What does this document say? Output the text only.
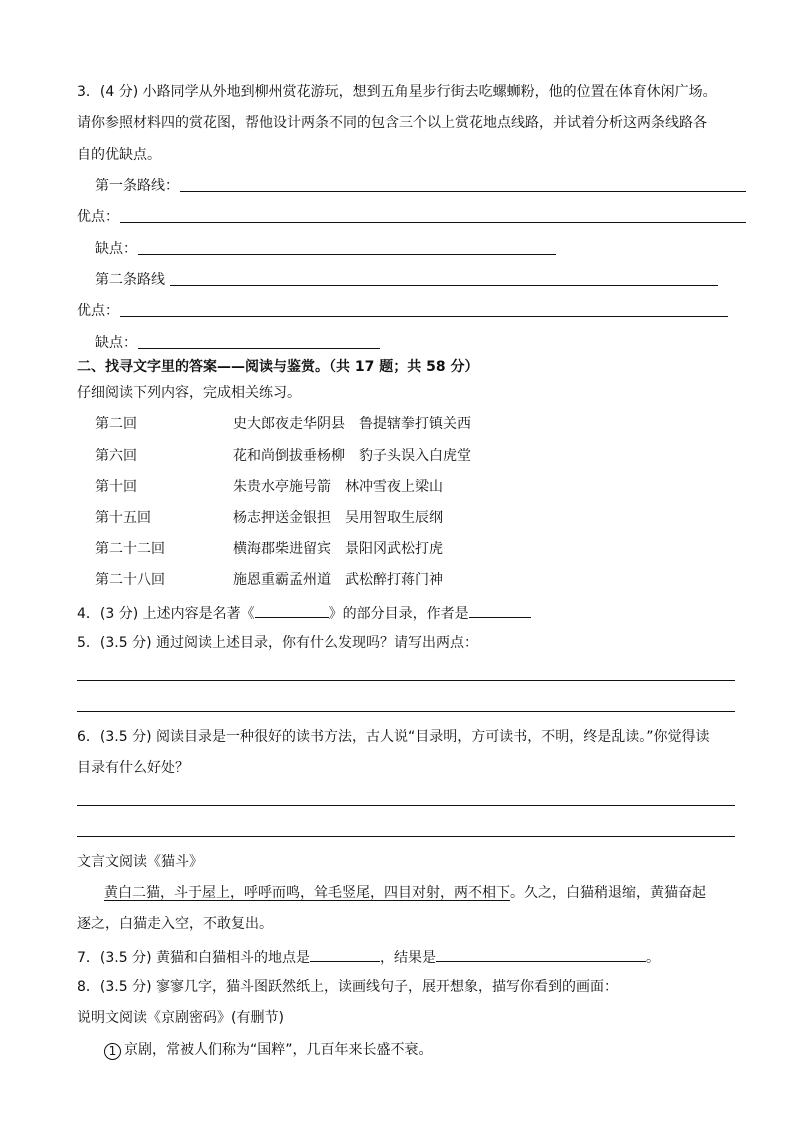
3．(4 分) 小路同学从外地到柳州赏花游玩，想到五角星步行街去吃螺蛳粉，他的位置在体育休闲广场。
请你参照材料四的赏花图，帮他设计两条不同的包含三个以上赏花地点线路，并试着分析这两条线路各
自的优缺点。
第一条路线：
优点：
缺点：
第二条路线
优点：
缺点：
二、找寻文字里的答案——阅读与鉴赏。（共 17 题；共 58 分）
仔细阅读下列内容，完成相关练习。
第二回	史大郎夜走华阴县　鲁提辖拳打镇关西
第六回	花和尚倒拔垂杨柳　豹子头误入白虎堂
第十回	朱贵水亭施号箭　林冲雪夜上梁山
第十五回	杨志押送金银担　吴用智取生辰纲
第二十二回	横海郡柴进留宾　景阳冈武松打虎
第二十八回	施恩重霸孟州道　武松醉打蒋门神
4．(3 分) 上述内容是名著《	》的部分目录，作者是
5．(3.5 分) 通过阅读上述目录，你有什么发现吗？请写出两点：
6．(3.5 分) 阅读目录是一种很好的读书方法，古人说“目录明，方可读书，不明，终是乱读。”你觉得读
目录有什么好处？
文言文阅读《猫斗》
黄白二猫，斗于屋上，呼呼而鸣，耸毛竖尾，四目对射，两不相下。久之，白猫稍退缩，黄猫奋起
逐之，白猫走入空，不敢复出。
7．(3.5 分) 黄猫和白猫相斗的地点是	，结果是	。
8．(3.5 分) 寥寥几字，猫斗图跃然纸上，读画线句子，展开想象，描写你看到的画面：
说明文阅读《京剧密码》(有删节)
1 京剧，常被人们称为“国粹”，几百年来长盛不衰。
